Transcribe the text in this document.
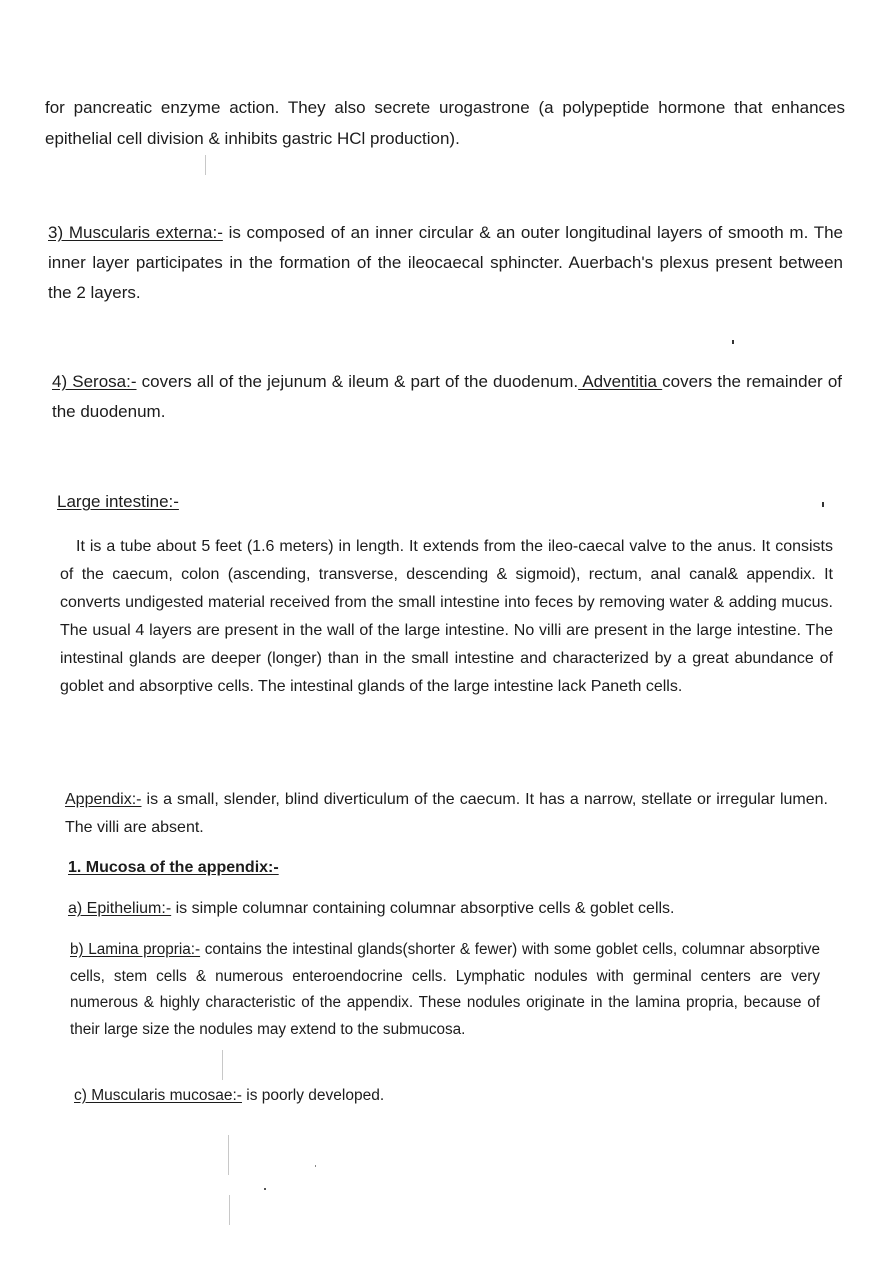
for pancreatic enzyme action. They also secrete urogastrone (a polypeptide hormone that enhances epithelial cell division & inhibits gastric HCl production).

3) Muscularis externa:- is composed of an inner circular & an outer longitudinal layers of smooth m. The inner layer participates in the formation of the ileocaecal sphincter. Auerbach's plexus present between the 2 layers.

4) Serosa:- covers all of the jejunum & ileum & part of the duodenum. Adventitia covers the remainder of the duodenum.

Large intestine:-

It is a tube about 5 feet (1.6 meters) in length. It extends from the ileo-caecal valve to the anus. It consists of the caecum, colon (ascending, transverse, descending & sigmoid), rectum, anal canal& appendix. It converts undigested material received from the small intestine into feces by removing water & adding mucus. The usual 4 layers are present in the wall of the large intestine. No villi are present in the large intestine. The intestinal glands are deeper (longer) than in the small intestine and characterized by a great abundance of goblet and absorptive cells. The intestinal glands of the large intestine lack Paneth cells.

Appendix:- is a small, slender, blind diverticulum of the caecum. It has a narrow, stellate or irregular lumen. The villi are absent.

1. Mucosa of the appendix:-

a) Epithelium:- is simple columnar containing columnar absorptive cells & goblet cells.

b) Lamina propria:- contains the intestinal glands(shorter & fewer) with some goblet cells, columnar absorptive cells, stem cells & numerous enteroendocrine cells. Lymphatic nodules with germinal centers are very numerous & highly characteristic of the appendix. These nodules originate in the lamina propria, because of their large size the nodules may extend to the submucosa.

c) Muscularis mucosae:- is poorly developed.
